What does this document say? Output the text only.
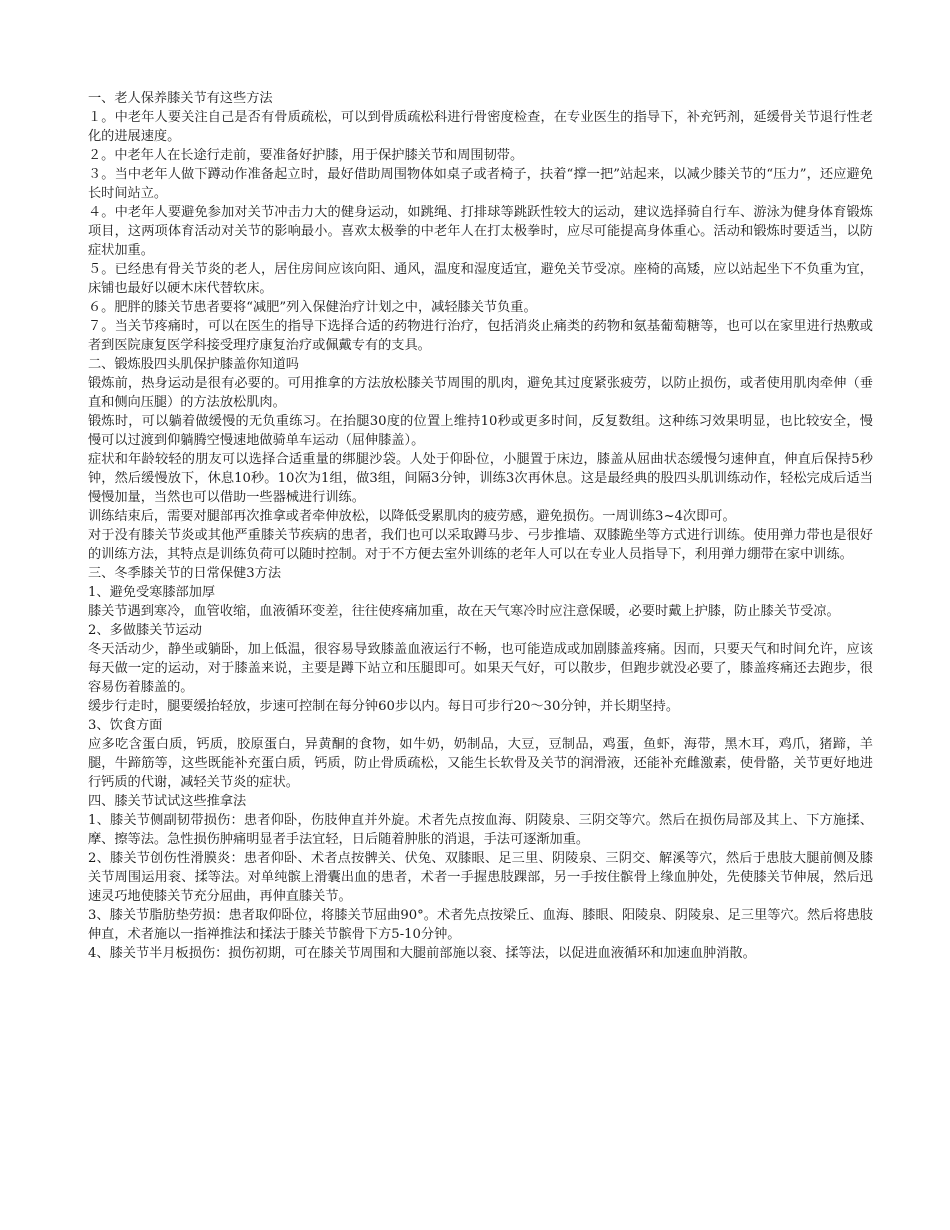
一、老人保养膝关节有这些方法

１。中老年人要关注自己是否有骨质疏松，可以到骨质疏松科进行骨密度检查，在专业医生的指导下，补充钙剂，延缓骨关节退行性老化的进展速度。

２。中老年人在长途行走前，要准备好护膝，用于保护膝关节和周围韧带。

３。当中老年人做下蹲动作准备起立时，最好借助周围物体如桌子或者椅子，扶着“撑一把”站起来，以减少膝关节的“压力”，还应避免长时间站立。

４。中老年人要避免参加对关节冲击力大的健身运动，如跳绳、打排球等跳跃性较大的运动，建议选择骑自行车、游泳为健身体育锻炼项目，这两项体育活动对关节的影响最小。喜欢太极拳的中老年人在打太极拳时，应尽可能提高身体重心。活动和锻炼时要适当，以防症状加重。

５。已经患有骨关节炎的老人，居住房间应该向阳、通风，温度和湿度适宜，避免关节受凉。座椅的高矮，应以站起坐下不负重为宜，床铺也最好以硬木床代替软床。

６。肥胖的膝关节患者要将“减肥”列入保健治疗计划之中，减轻膝关节负重。

７。当关节疼痛时，可以在医生的指导下选择合适的药物进行治疗，包括消炎止痛类的药物和氨基葡萄糖等，也可以在家里进行热敷或者到医院康复医学科接受理疗康复治疗或佩戴专有的支具。

二、锻炼股四头肌保护膝盖你知道吗

锻炼前，热身运动是很有必要的。可用推拿的方法放松膝关节周围的肌肉，避免其过度紧张疲劳，以防止损伤，或者使用肌肉牵伸（垂直和侧向压腿）的方法放松肌肉。

锻炼时，可以躺着做缓慢的无负重练习。在抬腿30度的位置上维持10秒或更多时间，反复数组。这种练习效果明显，也比较安全，慢慢可以过渡到仰躺腾空慢速地做骑单车运动（屈伸膝盖）。

症状和年龄较轻的朋友可以选择合适重量的绑腿沙袋。人处于仰卧位，小腿置于床边，膝盖从屈曲状态缓慢匀速伸直，伸直后保持5秒钟，然后缓慢放下，休息10秒。10次为1组，做3组，间隔3分钟，训练3次再休息。这是最经典的股四头肌训练动作，轻松完成后适当慢慢加量，当然也可以借助一些器械进行训练。

训练结束后，需要对腿部再次推拿或者牵伸放松，以降低受累肌肉的疲劳感，避免损伤。一周训练3~4次即可。

对于没有膝关节炎或其他严重膝关节疾病的患者，我们也可以采取蹲马步、弓步推墙、双膝跪坐等方式进行训练。使用弹力带也是很好的训练方法，其特点是训练负荷可以随时控制。对于不方便去室外训练的老年人可以在专业人员指导下，利用弹力绷带在家中训练。

三、冬季膝关节的日常保健3方法

1、避免受寒膝部加厚

膝关节遇到寒冷，血管收缩，血液循环变差，往往使疼痛加重，故在天气寒冷时应注意保暖，必要时戴上护膝，防止膝关节受凉。

2、多做膝关节运动

冬天活动少，静坐或躺卧，加上低温，很容易导致膝盖血液运行不畅，也可能造成或加剧膝盖疼痛。因而，只要天气和时间允许，应该每天做一定的运动，对于膝盖来说，主要是蹲下站立和压腿即可。如果天气好，可以散步，但跑步就没必要了，膝盖疼痛还去跑步，很容易伤着膝盖的。

缓步行走时，腿要缓抬轻放，步速可控制在每分钟60步以内。每日可步行20～30分钟，并长期坚持。

3、饮食方面

应多吃含蛋白质，钙质，胶原蛋白，异黄酮的食物，如牛奶，奶制品，大豆，豆制品，鸡蛋，鱼虾，海带，黑木耳，鸡爪，猪蹄，羊腿，牛蹄筋等，这些既能补充蛋白质，钙质，防止骨质疏松，又能生长软骨及关节的润滑液，还能补充雌激素，使骨骼，关节更好地进行钙质的代谢，减轻关节炎的症状。

四、膝关节试试这些推拿法

1、膝关节侧副韧带损伤：患者仰卧，伤肢伸直并外旋。术者先点按血海、阴陵泉、三阴交等穴。然后在损伤局部及其上、下方施揉、摩、擦等法。急性损伤肿痛明显者手法宜轻，日后随着肿胀的消退，手法可逐渐加重。

2、膝关节创伤性滑膜炎：患者仰卧、术者点按髀关、伏兔、双膝眼、足三里、阴陵泉、三阴交、解溪等穴，然后于患肢大腿前侧及膝关节周围运用衮、揉等法。对单纯髌上滑囊出血的患者，术者一手握患肢踝部，另一手按住髌骨上缘血肿处，先使膝关节伸展，然后迅速灵巧地使膝关节充分屈曲，再伸直膝关节。

3、膝关节脂肪垫劳损：患者取仰卧位，将膝关节屈曲90°。术者先点按梁丘、血海、膝眼、阳陵泉、阴陵泉、足三里等穴。然后将患肢伸直，术者施以一指禅推法和揉法于膝关节髌骨下方5-10分钟。

4、膝关节半月板损伤：损伤初期，可在膝关节周围和大腿前部施以衮、揉等法，以促进血液循环和加速血肿消散。
